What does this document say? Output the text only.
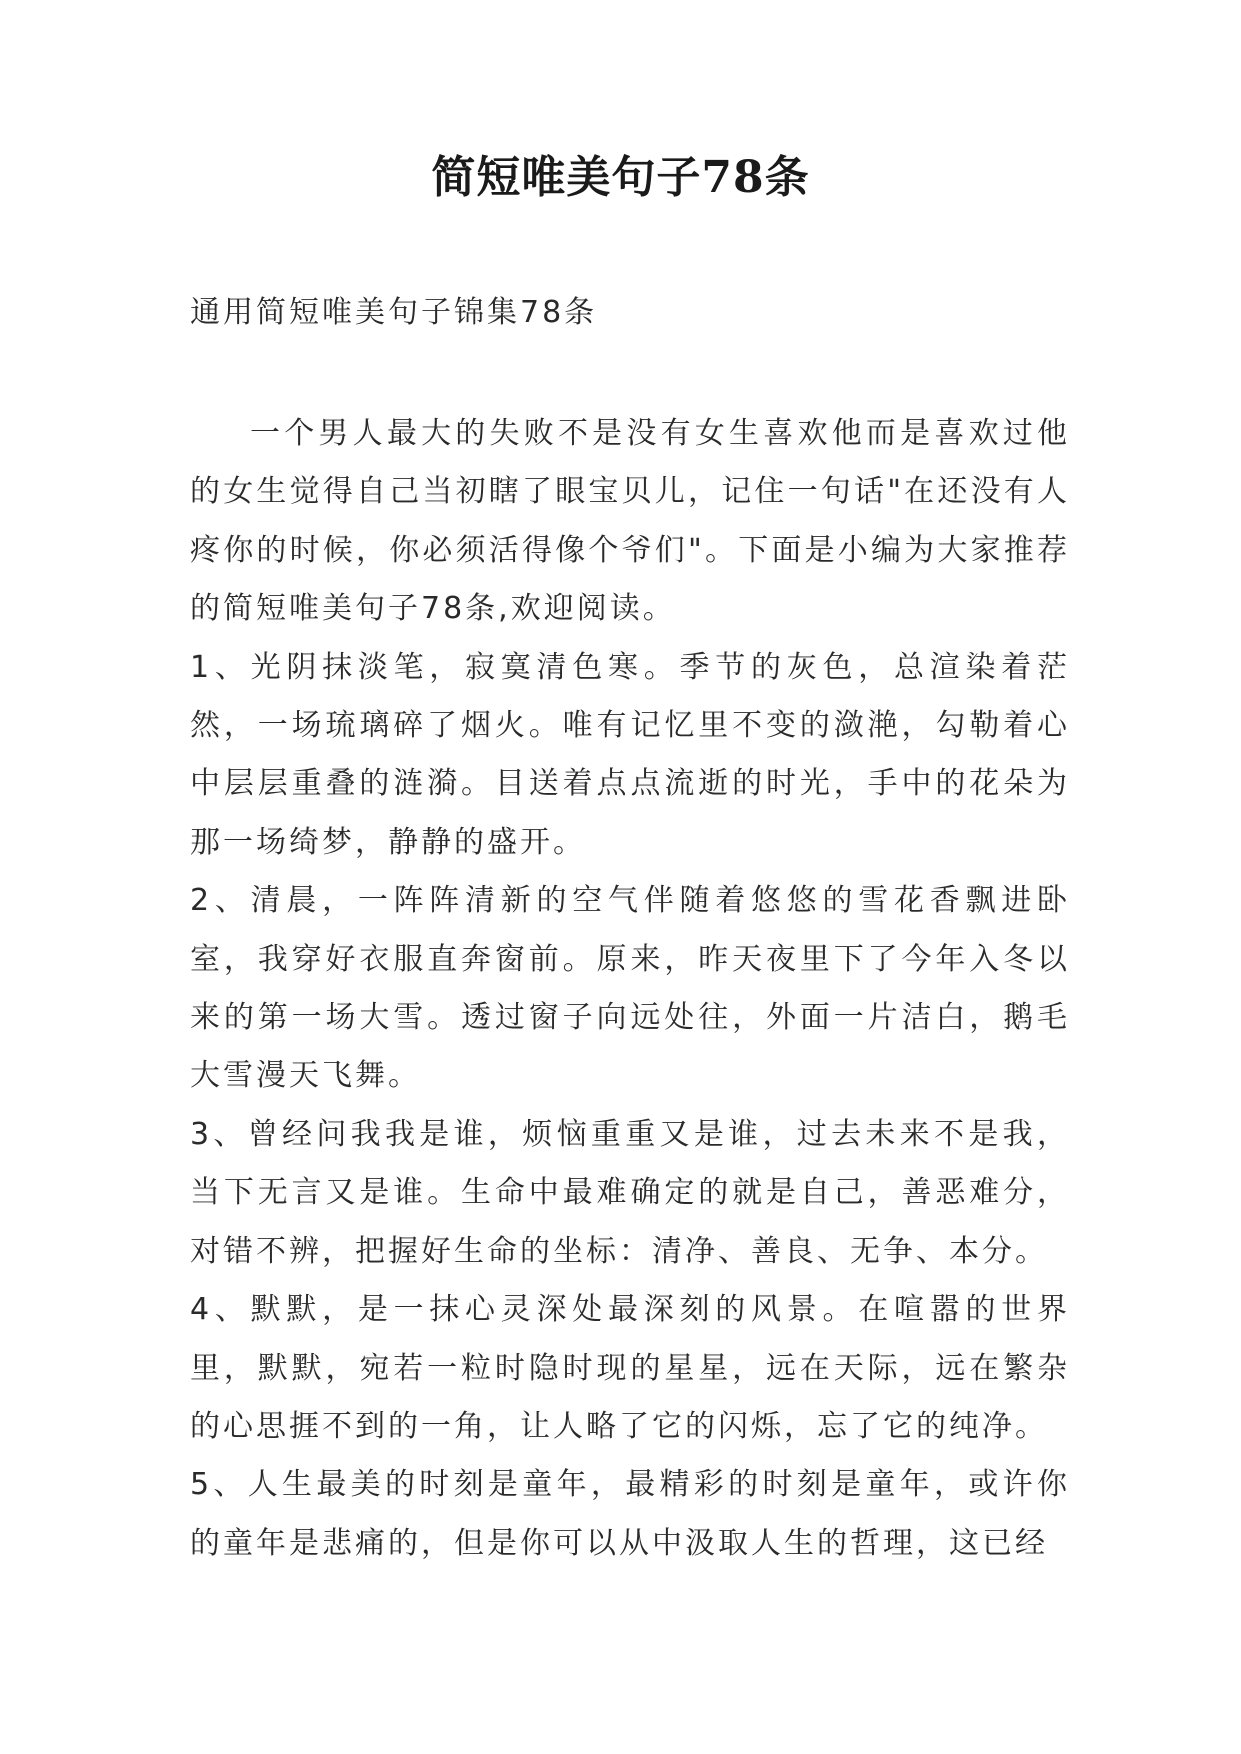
简短唯美句子78条

通用简短唯美句子锦集78条

一个男人最大的失败不是没有女生喜欢他而是喜欢过他的女生觉得自己当初瞎了眼宝贝儿，记住一句话"在还没有人疼你的时候，你必须活得像个爷们"。下面是小编为大家推荐的简短唯美句子78条,欢迎阅读。

1、光阴抹淡笔，寂寞清色寒。季节的灰色，总渲染着茫然，一场琉璃碎了烟火。唯有记忆里不变的潋滟，勾勒着心中层层重叠的涟漪。目送着点点流逝的时光，手中的花朵为那一场绮梦，静静的盛开。

2、清晨，一阵阵清新的空气伴随着悠悠的雪花香飘进卧室，我穿好衣服直奔窗前。原来，昨天夜里下了今年入冬以来的第一场大雪。透过窗子向远处往，外面一片洁白，鹅毛大雪漫天飞舞。

3、曾经问我我是谁，烦恼重重又是谁，过去未来不是我，当下无言又是谁。生命中最难确定的就是自己，善恶难分，对错不辨，把握好生命的坐标：清净、善良、无争、本分。

4、默默，是一抹心灵深处最深刻的风景。在喧嚣的世界里，默默，宛若一粒时隐时现的星星，远在天际，远在繁杂的心思捱不到的一角，让人略了它的闪烁，忘了它的纯净。

5、人生最美的时刻是童年，最精彩的时刻是童年，或许你的童年是悲痛的，但是你可以从中汲取人生的哲理，这已经
